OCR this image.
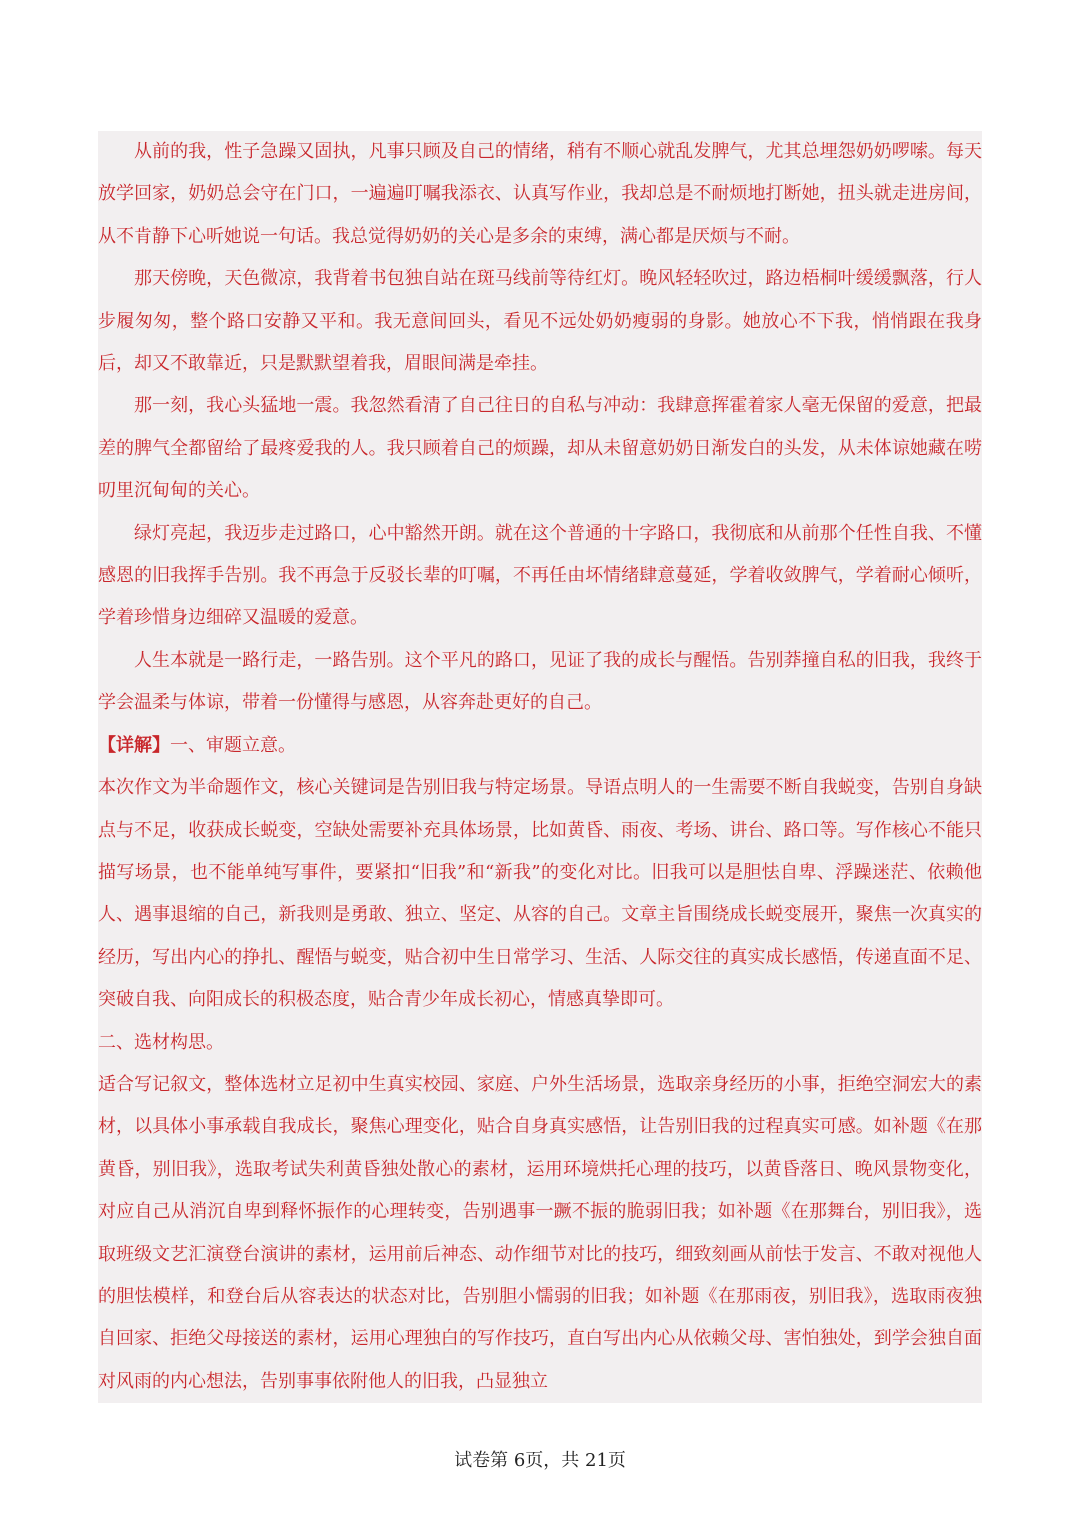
从前的我，性子急躁又固执，凡事只顾及自己的情绪，稍有不顺心就乱发脾气，尤其总埋怨奶奶啰嗦。每天放学回家，奶奶总会守在门口，一遍遍叮嘱我添衣、认真写作业，我却总是不耐烦地打断她，扭头就走进房间，从不肯静下心听她说一句话。我总觉得奶奶的关心是多余的束缚，满心都是厌烦与不耐。

那天傍晚，天色微凉，我背着书包独自站在斑马线前等待红灯。晚风轻轻吹过，路边梧桐叶缓缓飘落，行人步履匆匆，整个路口安静又平和。我无意间回头，看见不远处奶奶瘦弱的身影。她放心不下我，悄悄跟在我身后，却又不敢靠近，只是默默望着我，眉眼间满是牵挂。

那一刻，我心头猛地一震。我忽然看清了自己往日的自私与冲动：我肆意挥霍着家人毫无保留的爱意，把最差的脾气全都留给了最疼爱我的人。我只顾着自己的烦躁，却从未留意奶奶日渐发白的头发，从未体谅她藏在唠叨里沉甸甸的关心。

绿灯亮起，我迈步走过路口，心中豁然开朗。就在这个普通的十字路口，我彻底和从前那个任性自我、不懂感恩的旧我挥手告别。我不再急于反驳长辈的叮嘱，不再任由坏情绪肆意蔓延，学着收敛脾气，学着耐心倾听，学着珍惜身边细碎又温暖的爱意。

人生本就是一路行走，一路告别。这个平凡的路口，见证了我的成长与醒悟。告别莽撞自私的旧我，我终于学会温柔与体谅，带着一份懂得与感恩，从容奔赴更好的自己。

【详解】一、审题立意。

本次作文为半命题作文，核心关键词是告别旧我与特定场景。导语点明人的一生需要不断自我蜕变，告别自身缺点与不足，收获成长蜕变，空缺处需要补充具体场景，比如黄昏、雨夜、考场、讲台、路口等。写作核心不能只描写场景，也不能单纯写事件，要紧扣“旧我”和“新我”的变化对比。旧我可以是胆怯自卑、浮躁迷茫、依赖他人、遇事退缩的自己，新我则是勇敢、独立、坚定、从容的自己。文章主旨围绕成长蜕变展开，聚焦一次真实的经历，写出内心的挣扎、醒悟与蜕变，贴合初中生日常学习、生活、人际交往的真实成长感悟，传递直面不足、突破自我、向阳成长的积极态度，贴合青少年成长初心，情感真挚即可。

二、选材构思。

适合写记叙文，整体选材立足初中生真实校园、家庭、户外生活场景，选取亲身经历的小事，拒绝空洞宏大的素材，以具体小事承载自我成长，聚焦心理变化，贴合自身真实感悟，让告别旧我的过程真实可感。如补题《在那黄昏，别旧我》，选取考试失利黄昏独处散心的素材，运用环境烘托心理的技巧，以黄昏落日、晚风景物变化，对应自己从消沉自卑到释怀振作的心理转变，告别遇事一蹶不振的脆弱旧我；如补题《在那舞台，别旧我》，选取班级文艺汇演登台演讲的素材，运用前后神态、动作细节对比的技巧，细致刻画从前怯于发言、不敢对视他人的胆怯模样，和登台后从容表达的状态对比，告别胆小懦弱的旧我；如补题《在那雨夜，别旧我》，选取雨夜独自回家、拒绝父母接送的素材，运用心理独白的写作技巧，直白写出内心从依赖父母、害怕独处，到学会独自面对风雨的内心想法，告别事事依附他人的旧我，凸显独立

试卷第 6页，共 21页
